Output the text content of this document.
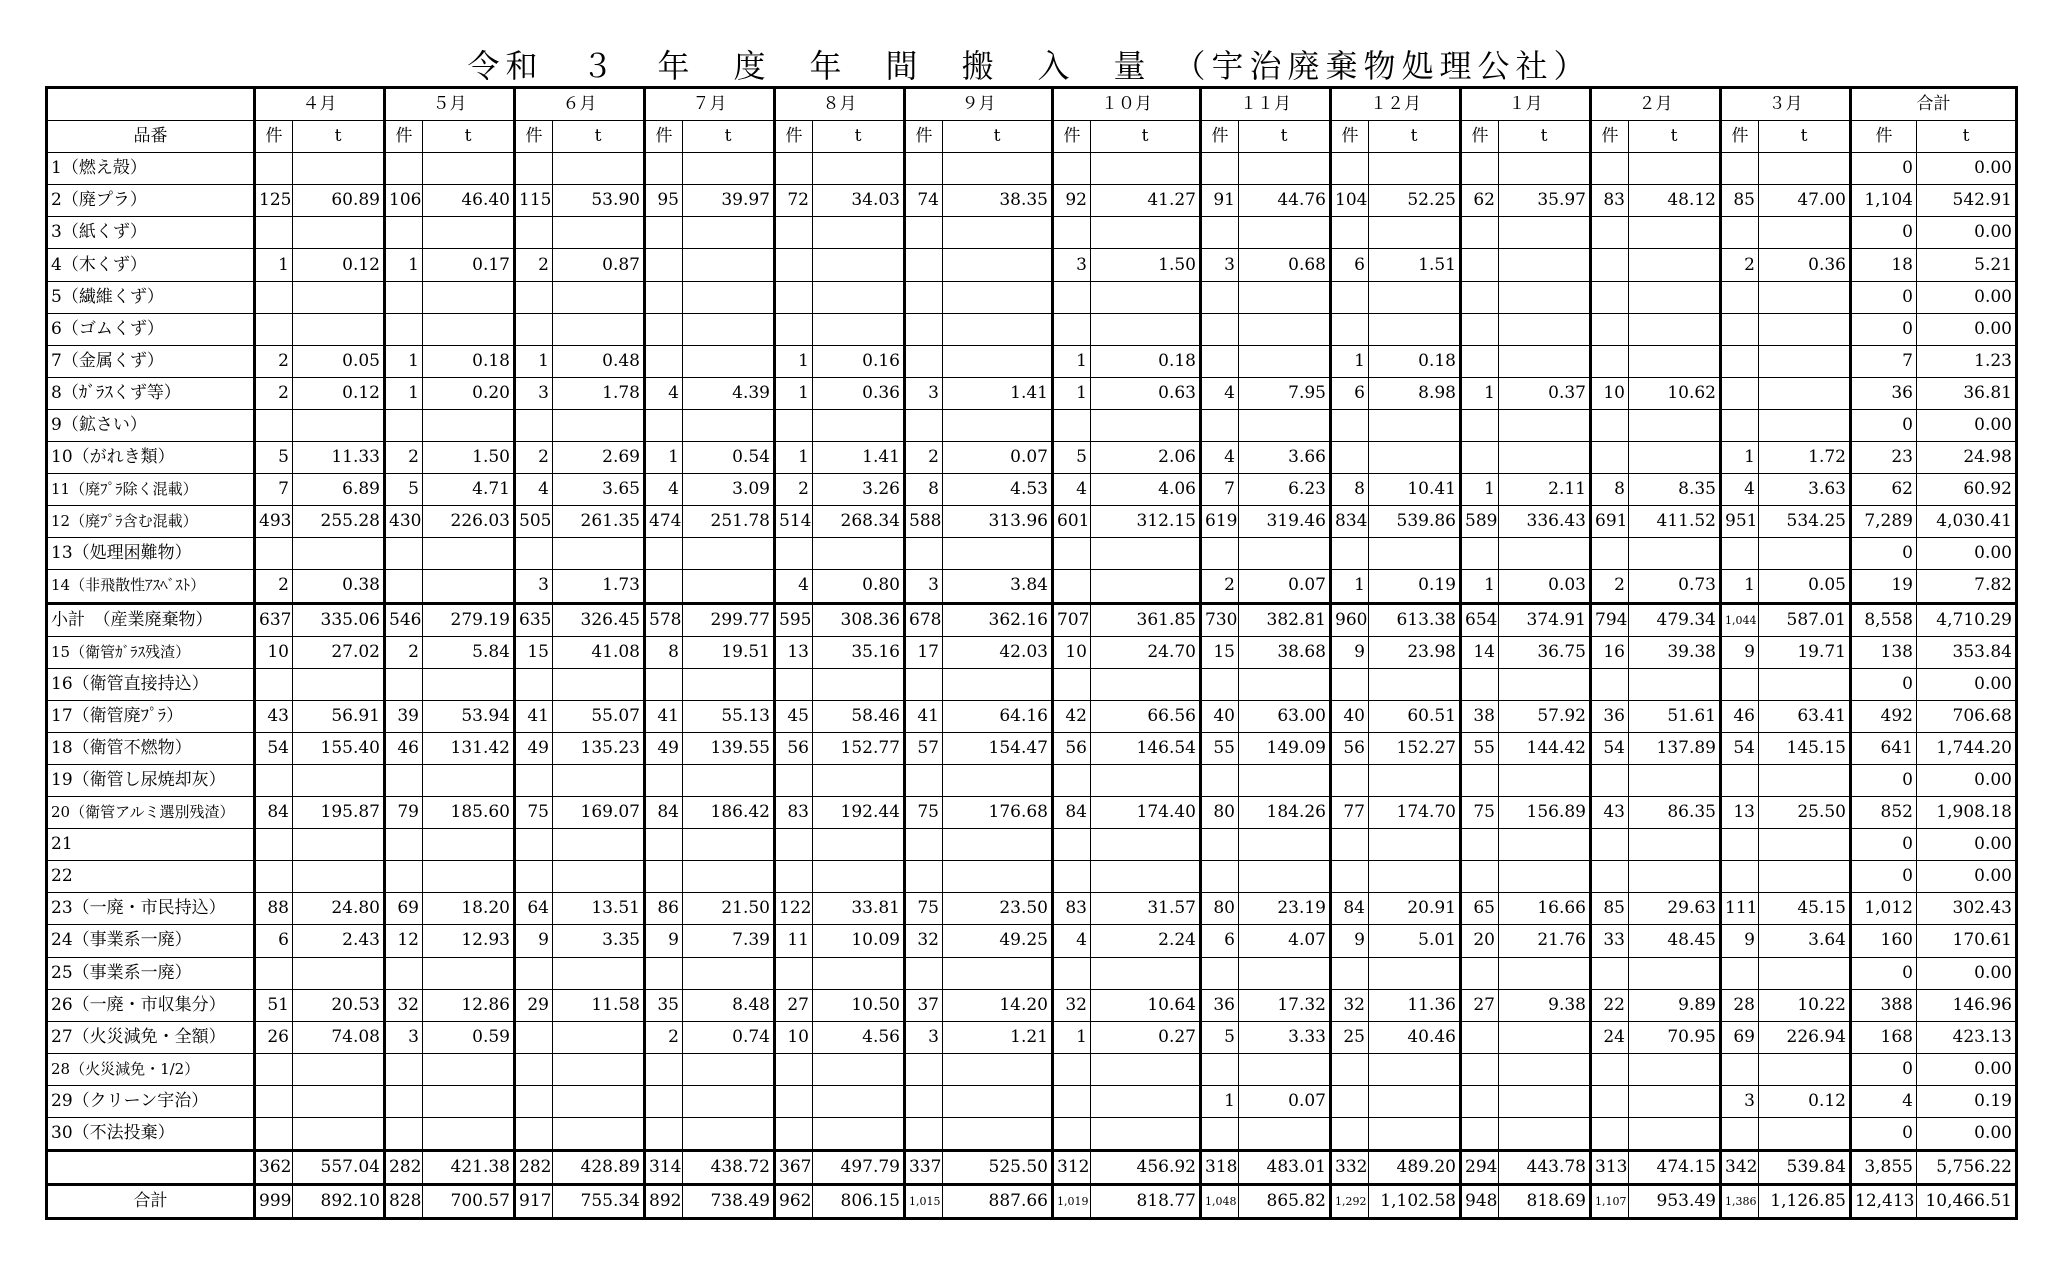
令和　３　年　度　年　間　搬　入　量　（宇治廃棄物処理公社）
	４月		５月		６月		７月		８月		９月		１０月		１１月		１２月		１月		２月		３月		合計	
品番	件	t	件	t	件	t	件	t	件	t	件	t	件	t	件	t	件	t	件	t	件	t	件	t	件	t
1（燃え殻）																									0	0.00
2（廃プラ）	125	60.89	106	46.40	115	53.90	95	39.97	72	34.03	74	38.35	92	41.27	91	44.76	104	52.25	62	35.97	83	48.12	85	47.00	1,104	542.91
3（紙くず）																									0	0.00
4（木くず）	1	0.12	1	0.17	2	0.87							3	1.50	3	0.68	6	1.51					2	0.36	18	5.21
5（繊維くず）																									0	0.00
6（ゴムくず）																									0	0.00
7（金属くず）	2	0.05	1	0.18	1	0.48			1	0.16			1	0.18			1	0.18							7	1.23
8（ｶﾞﾗｽくず等）	2	0.12	1	0.20	3	1.78	4	4.39	1	0.36	3	1.41	1	0.63	4	7.95	6	8.98	1	0.37	10	10.62			36	36.81
9（鉱さい）																									0	0.00
10（がれき類）	5	11.33	2	1.50	2	2.69	1	0.54	1	1.41	2	0.07	5	2.06	4	3.66							1	1.72	23	24.98
11（廃ﾌﾟﾗ除く混載）	7	6.89	5	4.71	4	3.65	4	3.09	2	3.26	8	4.53	4	4.06	7	6.23	8	10.41	1	2.11	8	8.35	4	3.63	62	60.92
12（廃ﾌﾟﾗ含む混載）	493	255.28	430	226.03	505	261.35	474	251.78	514	268.34	588	313.96	601	312.15	619	319.46	834	539.86	589	336.43	691	411.52	951	534.25	7,289	4,030.41
13（処理困難物）																									0	0.00
14（非飛散性ｱｽﾍﾞｽﾄ）	2	0.38			3	1.73			4	0.80	3	3.84			2	0.07	1	0.19	1	0.03	2	0.73	1	0.05	19	7.82
小計　（産業廃棄物）	637	335.06	546	279.19	635	326.45	578	299.77	595	308.36	678	362.16	707	361.85	730	382.81	960	613.38	654	374.91	794	479.34	1,044	587.01	8,558	4,710.29
15（衛管ｶﾞﾗｽ残渣）	10	27.02	2	5.84	15	41.08	8	19.51	13	35.16	17	42.03	10	24.70	15	38.68	9	23.98	14	36.75	16	39.38	9	19.71	138	353.84
16（衛管直接持込）																									0	0.00
17（衛管廃ﾌﾟﾗ）	43	56.91	39	53.94	41	55.07	41	55.13	45	58.46	41	64.16	42	66.56	40	63.00	40	60.51	38	57.92	36	51.61	46	63.41	492	706.68
18（衛管不燃物）	54	155.40	46	131.42	49	135.23	49	139.55	56	152.77	57	154.47	56	146.54	55	149.09	56	152.27	55	144.42	54	137.89	54	145.15	641	1,744.20
19（衛管し尿焼却灰）																									0	0.00
20（衛管アルミ選別残渣）	84	195.87	79	185.60	75	169.07	84	186.42	83	192.44	75	176.68	84	174.40	80	184.26	77	174.70	75	156.89	43	86.35	13	25.50	852	1,908.18
21																									0	0.00
22																									0	0.00
23（一廃・市民持込）	88	24.80	69	18.20	64	13.51	86	21.50	122	33.81	75	23.50	83	31.57	80	23.19	84	20.91	65	16.66	85	29.63	111	45.15	1,012	302.43
24（事業系一廃）	6	2.43	12	12.93	9	3.35	9	7.39	11	10.09	32	49.25	4	2.24	6	4.07	9	5.01	20	21.76	33	48.45	9	3.64	160	170.61
25（事業系一廃）																									0	0.00
26（一廃・市収集分）	51	20.53	32	12.86	29	11.58	35	8.48	27	10.50	37	14.20	32	10.64	36	17.32	32	11.36	27	9.38	22	9.89	28	10.22	388	146.96
27（火災減免・全額）	26	74.08	3	0.59			2	0.74	10	4.56	3	1.21	1	0.27	5	3.33	25	40.46			24	70.95	69	226.94	168	423.13
28（火災減免・1/2）																									0	0.00
29（クリーン宇治）															1	0.07							3	0.12	4	0.19
30（不法投棄）																									0	0.00
	362	557.04	282	421.38	282	428.89	314	438.72	367	497.79	337	525.50	312	456.92	318	483.01	332	489.20	294	443.78	313	474.15	342	539.84	3,855	5,756.22
合計	999	892.10	828	700.57	917	755.34	892	738.49	962	806.15	1,015	887.66	1,019	818.77	1,048	865.82	1,292	1,102.58	948	818.69	1,107	953.49	1,386	1,126.85	12,413	10,466.51
